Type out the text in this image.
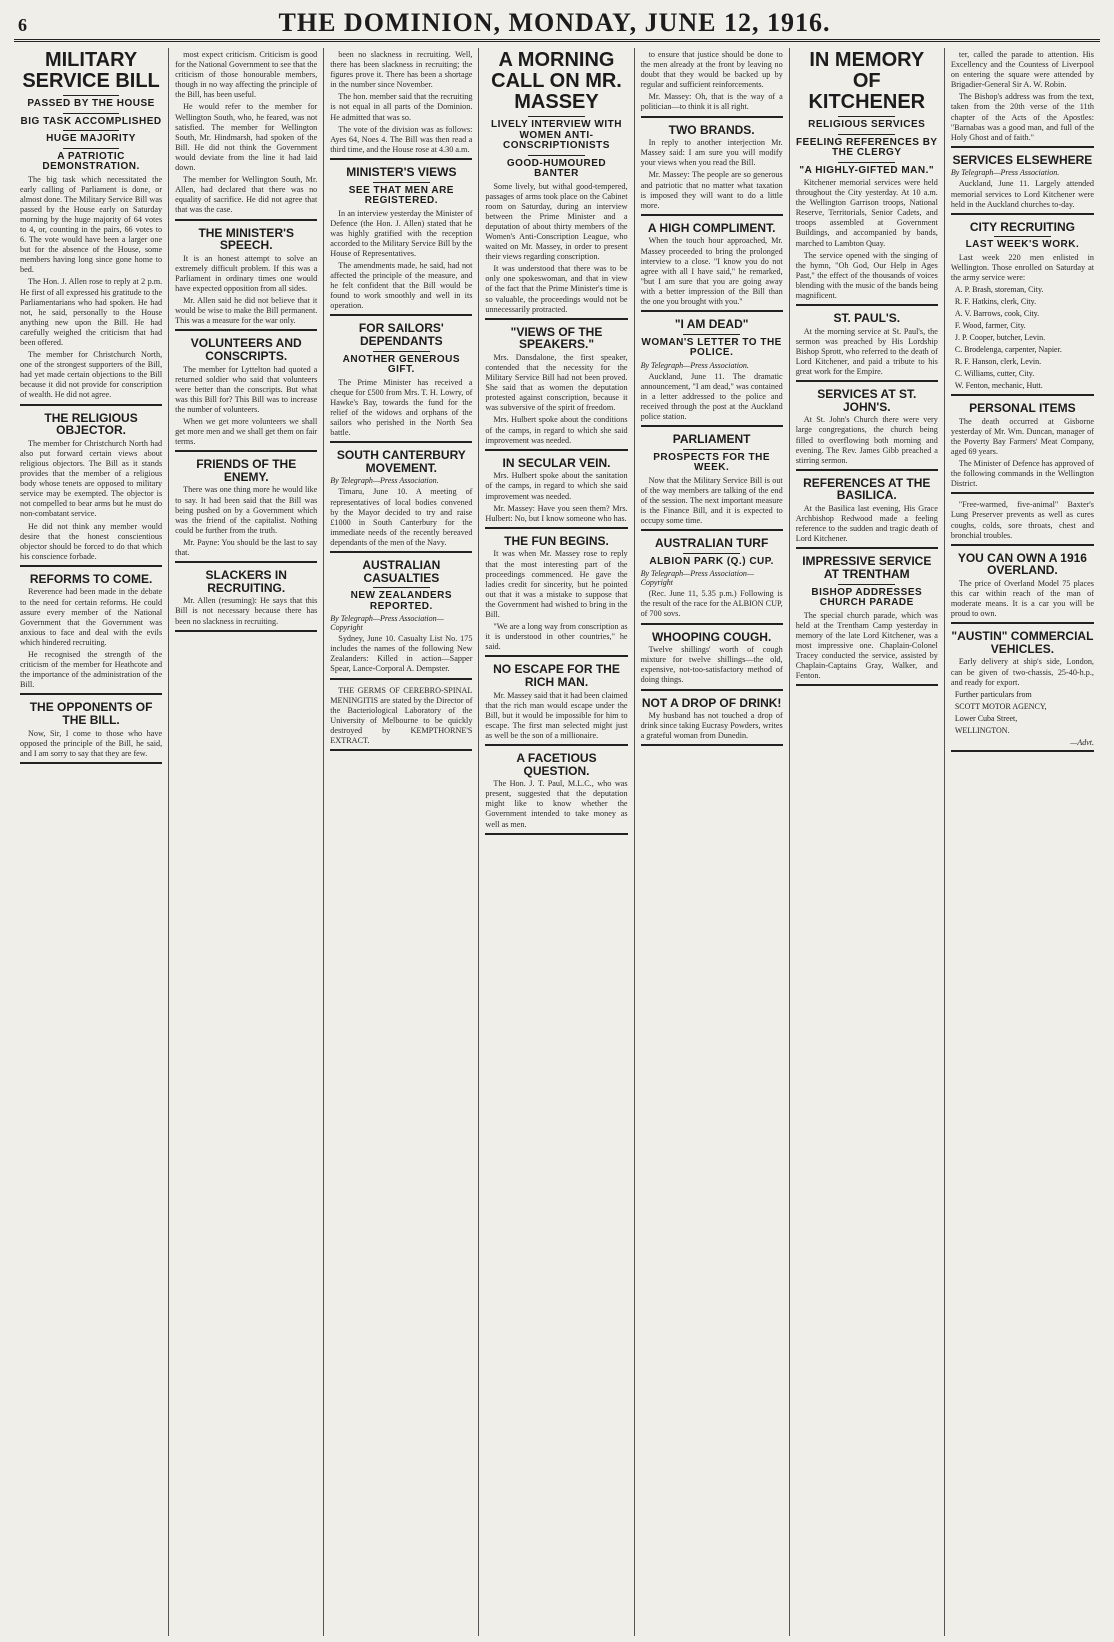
6	THE DOMINION, MONDAY, JUNE 12, 1916.
MILITARY SERVICE BILL
PASSED BY THE HOUSE
BIG TASK ACCOMPLISHED
HUGE MAJORITY
A PATRIOTIC DEMONSTRATION.

The big task which necessitated the early calling of Parliament is done, or almost done. The Military Service Bill was passed by the House early on Saturday morning by the huge majority of 64 votes to 4, or, counting in the pairs, 66 votes to 6. The vote would have been a larger one but for the absence of the House, some members having long since gone home to bed.

The Hon. J. Allen rose to reply at 2 p.m. He first of all expressed his gratitude to the Parliamentarians who had spoken. He had not, he said, personally to the House anything new upon the Bill. He had carefully weighed the criticism that had been offered.

The member for Christchurch North, one of the strongest supporters of the Bill, had yet made certain objections to the Bill because it did not provide for conscription of wealth. He did not agree.

THE RELIGIOUS OBJECTOR.

The member for Christchurch North had also put forward certain views about religious objectors. The Bill as it stands provides that the member of a religious body whose tenets are opposed to military service may be exempted. The objector is not compelled to bear arms but he must do non-combatant service.

He did not think any member would desire that the honest conscientious objector should be forced to do that which his conscience forbade.

REFORMS TO COME.

Reverence had been made in the debate to the need for certain reforms. He could assure every member of the National Government that the Government was anxious to face and deal with the evils which hindered recruiting.

He recognised the strength of the criticism of the member for Heathcote and the importance of the administration of the Bill.

THE OPPONENTS OF THE BILL.

Now, Sir, I come to those who have opposed the principle of the Bill, he said, and I am sorry to say that they are few.

most expect criticism. Criticism is good for the National Government to see that the criticism of those honourable members, though in no way affecting the principle of the Bill, has been useful.

He would refer to the member for Wellington South, who, he feared, was not satisfied. The member for Wellington South, Mr. Hindmarsh, had spoken of the Bill. He did not think the Government would deviate from the line it had laid down.

The member for Wellington South, Mr. Allen, had declared that there was no equality of sacrifice. He did not agree that that was the case.

THE MINISTER'S SPEECH.

It is an honest attempt to solve an extremely difficult problem. If this was a Parliament in ordinary times one would have expected opposition from all sides.

Mr. Allen said he did not believe that it would be wise to make the Bill permanent. This was a measure for the war only.

VOLUNTEERS AND CONSCRIPTS.

The member for Lyttelton had quoted a returned soldier who said that volunteers were better than the conscripts. But what was this Bill for? This Bill was to increase the number of volunteers.

When we get more volunteers we shall get more men and we shall get them on fair terms.

FRIENDS OF THE ENEMY.

There was one thing more he would like to say. It had been said that the Bill was being pushed on by a Government which was the friend of the capitalist. Nothing could be further from the truth.

Mr. Payne: You should be the last to say that.

SLACKERS IN RECRUITING.

Mr. Allen (resuming): He says that this Bill is not necessary because there has been no slackness in recruiting.

been no slackness in recruiting. Well, there has been slackness in recruiting; the figures prove it. There has been a shortage in the number since November.

The hon. member said that the recruiting is not equal in all parts of the Dominion. He admitted that was so.

The vote of the division was as follows: Ayes 64, Noes 4. The Bill was then read a third time, and the House rose at 4.30 a.m.

MINISTER'S VIEWS
SEE THAT MEN ARE REGISTERED.

In an interview yesterday the Minister of Defence (the Hon. J. Allen) stated that he was highly gratified with the reception accorded to the Military Service Bill by the House of Representatives.

The amendments made, he said, had not affected the principle of the measure, and he felt confident that the Bill would be found to work smoothly and well in its operation.

FOR SAILORS' DEPENDANTS
ANOTHER GENEROUS GIFT.

The Prime Minister has received a cheque for £500 from Mrs. T. H. Lowry, of Hawke's Bay, towards the fund for the relief of the widows and orphans of the sailors who perished in the North Sea battle.

SOUTH CANTERBURY MOVEMENT.
By Telegraph—Press Association.

Timaru, June 10. A meeting of representatives of local bodies convened by the Mayor decided to try and raise £1000 in South Canterbury for the immediate needs of the recently bereaved dependants of the men of the Navy.

AUSTRALIAN CASUALTIES
NEW ZEALANDERS REPORTED.
By Telegraph—Press Association—Copyright

Sydney, June 10. Casualty List No. 175 includes the names of the following New Zealanders: Killed in action—Sapper Spear, Lance-Corporal A. Dempster.

THE GERMS OF CEREBRO-SPINAL MENINGITIS are stated by the Director of the Bacteriological Laboratory of the University of Melbourne to be quickly destroyed by KEMPTHORNE'S EXTRACT.

A MORNING CALL ON MR. MASSEY
LIVELY INTERVIEW WITH WOMEN ANTI-CONSCRIPTIONISTS
GOOD-HUMOURED BANTER

Some lively, but withal good-tempered, passages of arms took place on the Cabinet room on Saturday, during an interview between the Prime Minister and a deputation of about thirty members of the Women's Anti-Conscription League, who waited on Mr. Massey, in order to present their views regarding conscription.

It was understood that there was to be only one spokeswoman, and that in view of the fact that the Prime Minister's time is so valuable, the proceedings would not be unnecessarily protracted.

"VIEWS OF THE SPEAKERS."

Mrs. Dansdalone, the first speaker, contended that the necessity for the Military Service Bill had not been proved. She said that as women the deputation protested against conscription, because it was subversive of the spirit of freedom.

Mrs. Hulbert spoke about the conditions of the camps, in regard to which she said improvement was needed.

IN SECULAR VEIN.

Mrs. Hulbert spoke about the sanitation of the camps, in regard to which she said improvement was needed.

Mr. Massey: Have you seen them? Mrs. Hulbert: No, but I know someone who has.

THE FUN BEGINS.

It was when Mr. Massey rose to reply that the most interesting part of the proceedings commenced. He gave the ladies credit for sincerity, but he pointed out that it was a mistake to suppose that the Government had wished to bring in the Bill.

"We are a long way from conscription as it is understood in other countries," he said.

NO ESCAPE FOR THE RICH MAN.

Mr. Massey said that it had been claimed that the rich man would escape under the Bill, but it would be impossible for him to escape. The first man selected might just as well be the son of a millionaire.

A FACETIOUS QUESTION.

The Hon. J. T. Paul, M.L.C., who was present, suggested that the deputation might like to know whether the Government intended to take money as well as men.

to ensure that justice should be done to the men already at the front by leaving no doubt that they would be backed up by regular and sufficient reinforcements.

Mr. Massey: Oh, that is the way of a politician—to think it is all right.

TWO BRANDS.

In reply to another interjection Mr. Massey said: I am sure you will modify your views when you read the Bill.

Mr. Massey: The people are so generous and patriotic that no matter what taxation is imposed they will want to do a little more.

A HIGH COMPLIMENT.

When the touch hour approached, Mr. Massey proceeded to bring the prolonged interview to a close. "I know you do not agree with all I have said," he remarked, "but I am sure that you are going away with a better impression of the Bill than the one you brought with you."

"I AM DEAD"
WOMAN'S LETTER TO THE POLICE.
By Telegraph—Press Association.

Auckland, June 11. The dramatic announcement, "I am dead," was contained in a letter addressed to the police and received through the post at the Auckland police station.

PARLIAMENT
PROSPECTS FOR THE WEEK.

Now that the Military Service Bill is out of the way members are talking of the end of the session. The next important measure is the Finance Bill, and it is expected to occupy some time.

AUSTRALIAN TURF
ALBION PARK (Q.) CUP.
By Telegraph—Press Association—Copyright

(Rec. June 11, 5.35 p.m.) Following is the result of the race for the ALBION CUP, of 700 sovs.

WHOOPING COUGH.

Twelve shillings' worth of cough mixture for twelve shillings—the old, expensive, not-too-satisfactory method of doing things.

NOT A DROP OF DRINK!

My husband has not touched a drop of drink since taking Eucrasy Powders, writes a grateful woman from Dunedin.

IN MEMORY OF KITCHENER
RELIGIOUS SERVICES
FEELING REFERENCES BY THE CLERGY
"A HIGHLY-GIFTED MAN."

Kitchener memorial services were held throughout the City yesterday. At 10 a.m. the Wellington Garrison troops, National Reserve, Territorials, Senior Cadets, and troops assembled at Government Buildings, and accompanied by bands, marched to Lambton Quay.

The service opened with the singing of the hymn, "Oh God, Our Help in Ages Past," the effect of the thousands of voices blending with the music of the bands being magnificent.

ST. PAUL'S.

At the morning service at St. Paul's, the sermon was preached by His Lordship Bishop Sprott, who referred to the death of Lord Kitchener, and paid a tribute to his great work for the Empire.

SERVICES AT ST. JOHN'S.

At St. John's Church there were very large congregations, the church being filled to overflowing both morning and evening. The Rev. James Gibb preached a stirring sermon.

REFERENCES AT THE BASILICA.

At the Basilica last evening, His Grace Archbishop Redwood made a feeling reference to the sudden and tragic death of Lord Kitchener.

IMPRESSIVE SERVICE AT TRENTHAM
BISHOP ADDRESSES CHURCH PARADE

The special church parade, which was held at the Trentham Camp yesterday in memory of the late Lord Kitchener, was a most impressive one. Chaplain-Colonel Tracey conducted the service, assisted by Chaplain-Captains Gray, Walker, and Fenton.

ter, called the parade to attention. His Excellency and the Countess of Liverpool on entering the square were attended by Brigadier-General Sir A. W. Robin.

The Bishop's address was from the text, taken from the 20th verse of the 11th chapter of the Acts of the Apostles: "Barnabas was a good man, and full of the Holy Ghost and of faith."

SERVICES ELSEWHERE
By Telegraph—Press Association.

Auckland, June 11. Largely attended memorial services to Lord Kitchener were held in the Auckland churches to-day.

CITY RECRUITING
LAST WEEK'S WORK.

Last week 220 men enlisted in Wellington. Those enrolled on Saturday at the army service were:

A. P. Brash, storeman, City.
R. F. Hatkins, clerk, City.
A. V. Barrows, cook, City.
F. Wood, farmer, City.
J. P. Cooper, butcher, Levin.
C. Brodelenga, carpenter, Napier.
R. F. Hanson, clerk, Levin.
C. Williams, cutter, City.
W. Fenton, mechanic, Hutt.
PERSONAL ITEMS

The death occurred at Gisborne yesterday of Mr. Wm. Duncan, manager of the Poverty Bay Farmers' Meat Company, aged 69 years.

The Minister of Defence has approved of the following commands in the Wellington District.

"Free-warmed, five-animal" Baxter's Lung Preserver prevents as well as cures coughs, colds, sore throats, chest and bronchial troubles.

YOU CAN OWN A 1916 OVERLAND.

The price of Overland Model 75 places this car within reach of the man of moderate means. It is a car you will be proud to own.

"AUSTIN" COMMERCIAL VEHICLES.

Early delivery at ship's side, London, can be given of two-chassis, 25-40-h.p., and ready for export.

Further particulars from
SCOTT MOTOR AGENCY,
Lower Cuba Street,
WELLINGTON.
—Advt.
